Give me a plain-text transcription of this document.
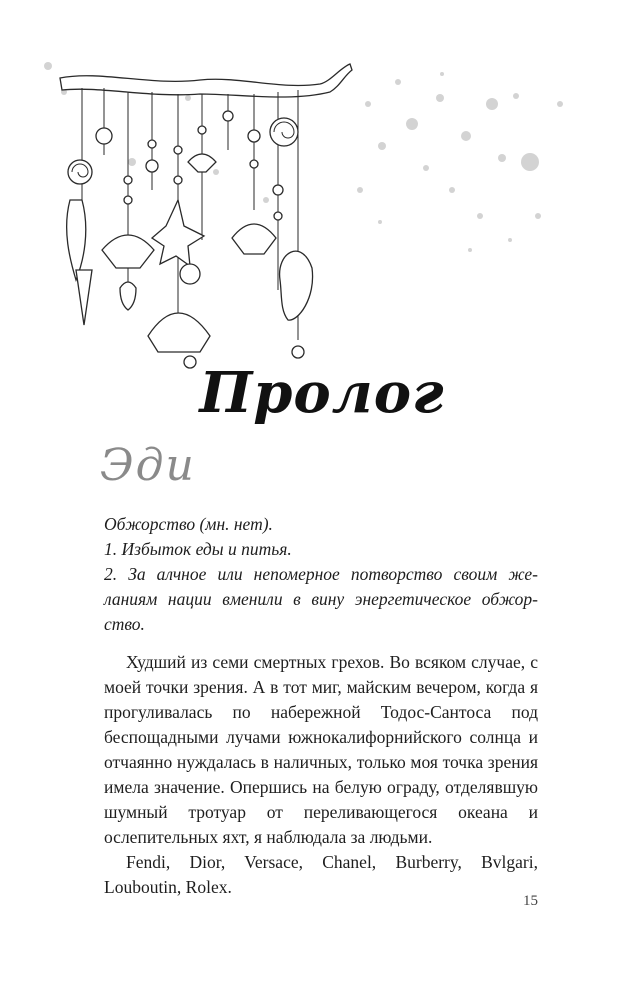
Пролог
Эди

Обжорство (мн. нет).

1. Избыток еды и питья.

2. За алчное или непомерное потворство своим же-ланиям нации вменили в вину энергетическое обжор-ство.

Худший из семи смертных грехов. Во всяком случае, с моей точки зрения. А в тот миг, майским вечером, когда я прогуливалась по набережной Тодос-Сантоса под беспощадными лучами южнокалифорнийского солнца и отчаянно нуждалась в наличных, только моя точка зрения имела значение. Опершись на белую ограду, отделявшую шумный тротуар от переливающегося океана и ослепительных яхт, я наблюдала за людьми.

Fendi, Dior, Versace, Chanel, Burberry, Bvlgari, Louboutin, Rolex.

15
